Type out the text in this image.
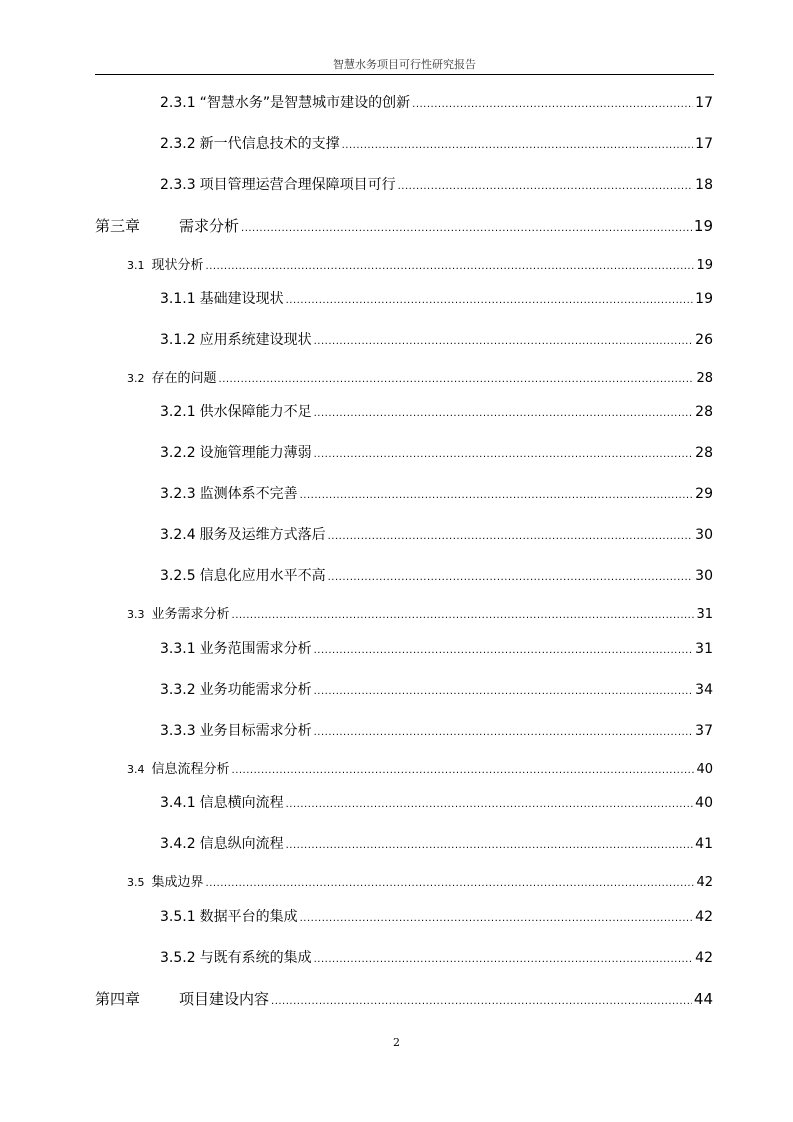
智慧水务项目可行性研究报告
2.3.1 “智慧水务”是智慧城市建设的创新 .....	17
2.3.2 新一代信息技术的支撑 .....	17
2.3.3 项目管理运营合理保障项目可行 .....	18
第三章	需求分析 .....	19
3.1 现状分析 .....	19
3.1.1 基础建设现状 .....	19
3.1.2 应用系统建设现状 .....	26
3.2 存在的问题 .....	28
3.2.1 供水保障能力不足 .....	28
3.2.2 设施管理能力薄弱 .....	28
3.2.3 监测体系不完善 .....	29
3.2.4 服务及运维方式落后 .....	30
3.2.5 信息化应用水平不高 .....	30
3.3 业务需求分析 .....	31
3.3.1 业务范围需求分析 .....	31
3.3.2 业务功能需求分析 .....	34
3.3.3 业务目标需求分析 .....	37
3.4 信息流程分析 .....	40
3.4.1 信息横向流程 .....	40
3.4.2 信息纵向流程 .....	41
3.5 集成边界 .....	42
3.5.1 数据平台的集成 .....	42
3.5.2 与既有系统的集成 .....	42
第四章	项目建设内容 .....	44
2
